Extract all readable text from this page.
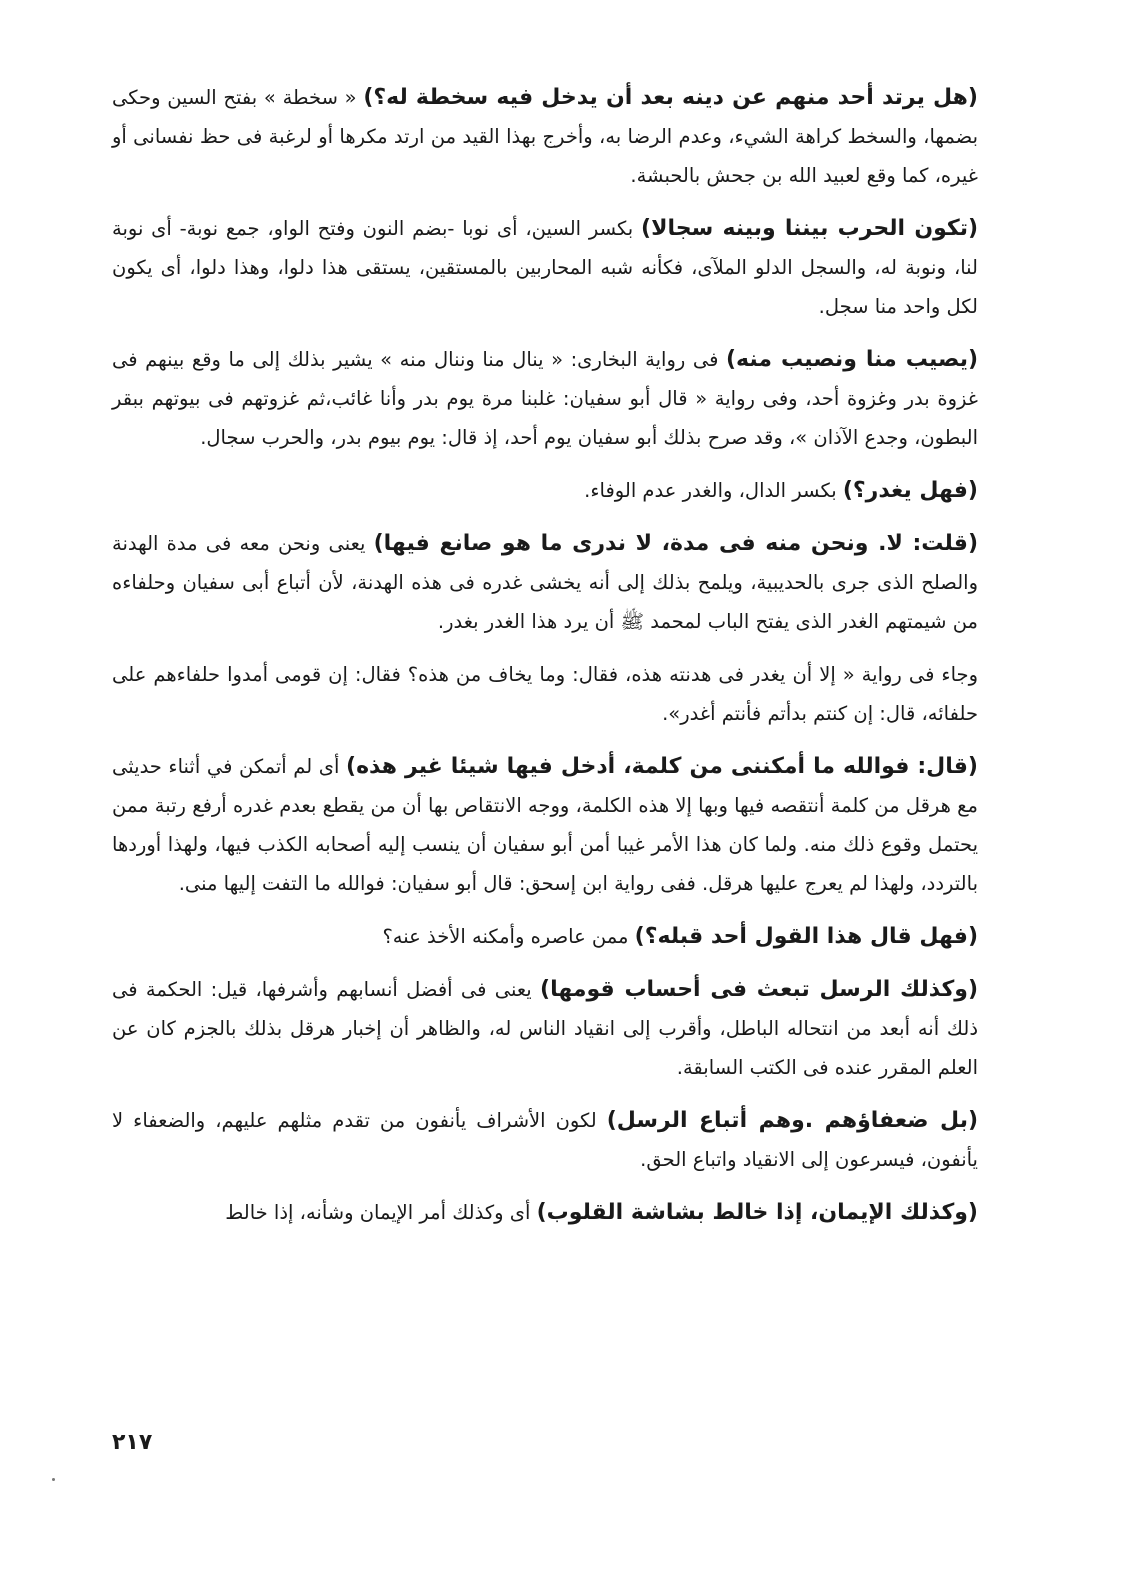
(هل يرتد أحد منهم عن دينه بعد أن يدخل فيه سخطة له؟) « سخطة » بفتح السين وحكى بضمها، والسخط كراهة الشيء، وعدم الرضا به، وأخرج بهذا القيد من ارتد مكرها أو لرغبة فى حظ نفسانى أو غيره، كما وقع لعبيد الله بن جحش بالحبشة.

(تكون الحرب بيننا وبينه سجالا) بكسر السين، أى نوبا -بضم النون وفتح الواو، جمع نوبة- أى نوبة لنا، ونوبة له، والسجل الدلو الملآى، فكأنه شبه المحاربين بالمستقين، يستقى هذا دلوا، وهذا دلوا، أى يكون لكل واحد منا سجل.

(يصيب منا ونصيب منه) فى رواية البخارى: « ينال منا وننال منه » يشير بذلك إلى ما وقع بينهم فى غزوة بدر وغزوة أحد، وفى رواية « قال أبو سفيان: غلبنا مرة يوم بدر وأنا غائب،ثم غزوتهم فى بيوتهم ببقر البطون، وجدع الآذان »، وقد صرح بذلك أبو سفيان يوم أحد، إذ قال: يوم بيوم بدر، والحرب سجال.

(فهل يغدر؟) بكسر الدال، والغدر عدم الوفاء.

(قلت: لا. ونحن منه فى مدة، لا ندرى ما هو صانع فيها) يعنى ونحن معه فى مدة الهدنة والصلح الذى جرى بالحديبية، ويلمح بذلك إلى أنه يخشى غدره فى هذه الهدنة، لأن أتباع أبى سفيان وحلفاءه من شيمتهم الغدر الذى يفتح الباب لمحمد ﷺ أن يرد هذا الغدر بغدر.

وجاء فى رواية « إلا أن يغدر فى هدنته هذه، فقال: وما يخاف من هذه؟ فقال: إن قومى أمدوا حلفاءهم على حلفائه، قال: إن كنتم بدأتم فأنتم أغدر».

(قال: فوالله ما أمكننى من كلمة، أدخل فيها شيئا غير هذه) أى لم أتمكن في أثناء حديثى مع هرقل من كلمة أنتقصه فيها وبها إلا هذه الكلمة، ووجه الانتقاص بها أن من يقطع بعدم غدره أرفع رتبة ممن يحتمل وقوع ذلك منه. ولما كان هذا الأمر غيبا أمن أبو سفيان أن ينسب إليه أصحابه الكذب فيها، ولهذا أوردها بالتردد، ولهذا لم يعرج عليها هرقل. ففى رواية ابن إسحق: قال أبو سفيان: فوالله ما التفت إليها منى.

(فهل قال هذا القول أحد قبله؟) ممن عاصره وأمكنه الأخذ عنه؟

(وكذلك الرسل تبعث فى أحساب قومها) يعنى فى أفضل أنسابهم وأشرفها، قيل: الحكمة فى ذلك أنه أبعد من انتحاله الباطل، وأقرب إلى انقياد الناس له، والظاهر أن إخبار هرقل بذلك بالجزم كان عن العلم المقرر عنده فى الكتب السابقة.

(بل ضعفاؤهم .وهم أتباع الرسل) لكون الأشراف يأنفون من تقدم مثلهم عليهم، والضعفاء لا يأنفون، فيسرعون إلى الانقياد واتباع الحق.

(وكذلك الإيمان، إذا خالط بشاشة القلوب) أى وكذلك أمر الإيمان وشأنه، إذا خالط

٢١٧
